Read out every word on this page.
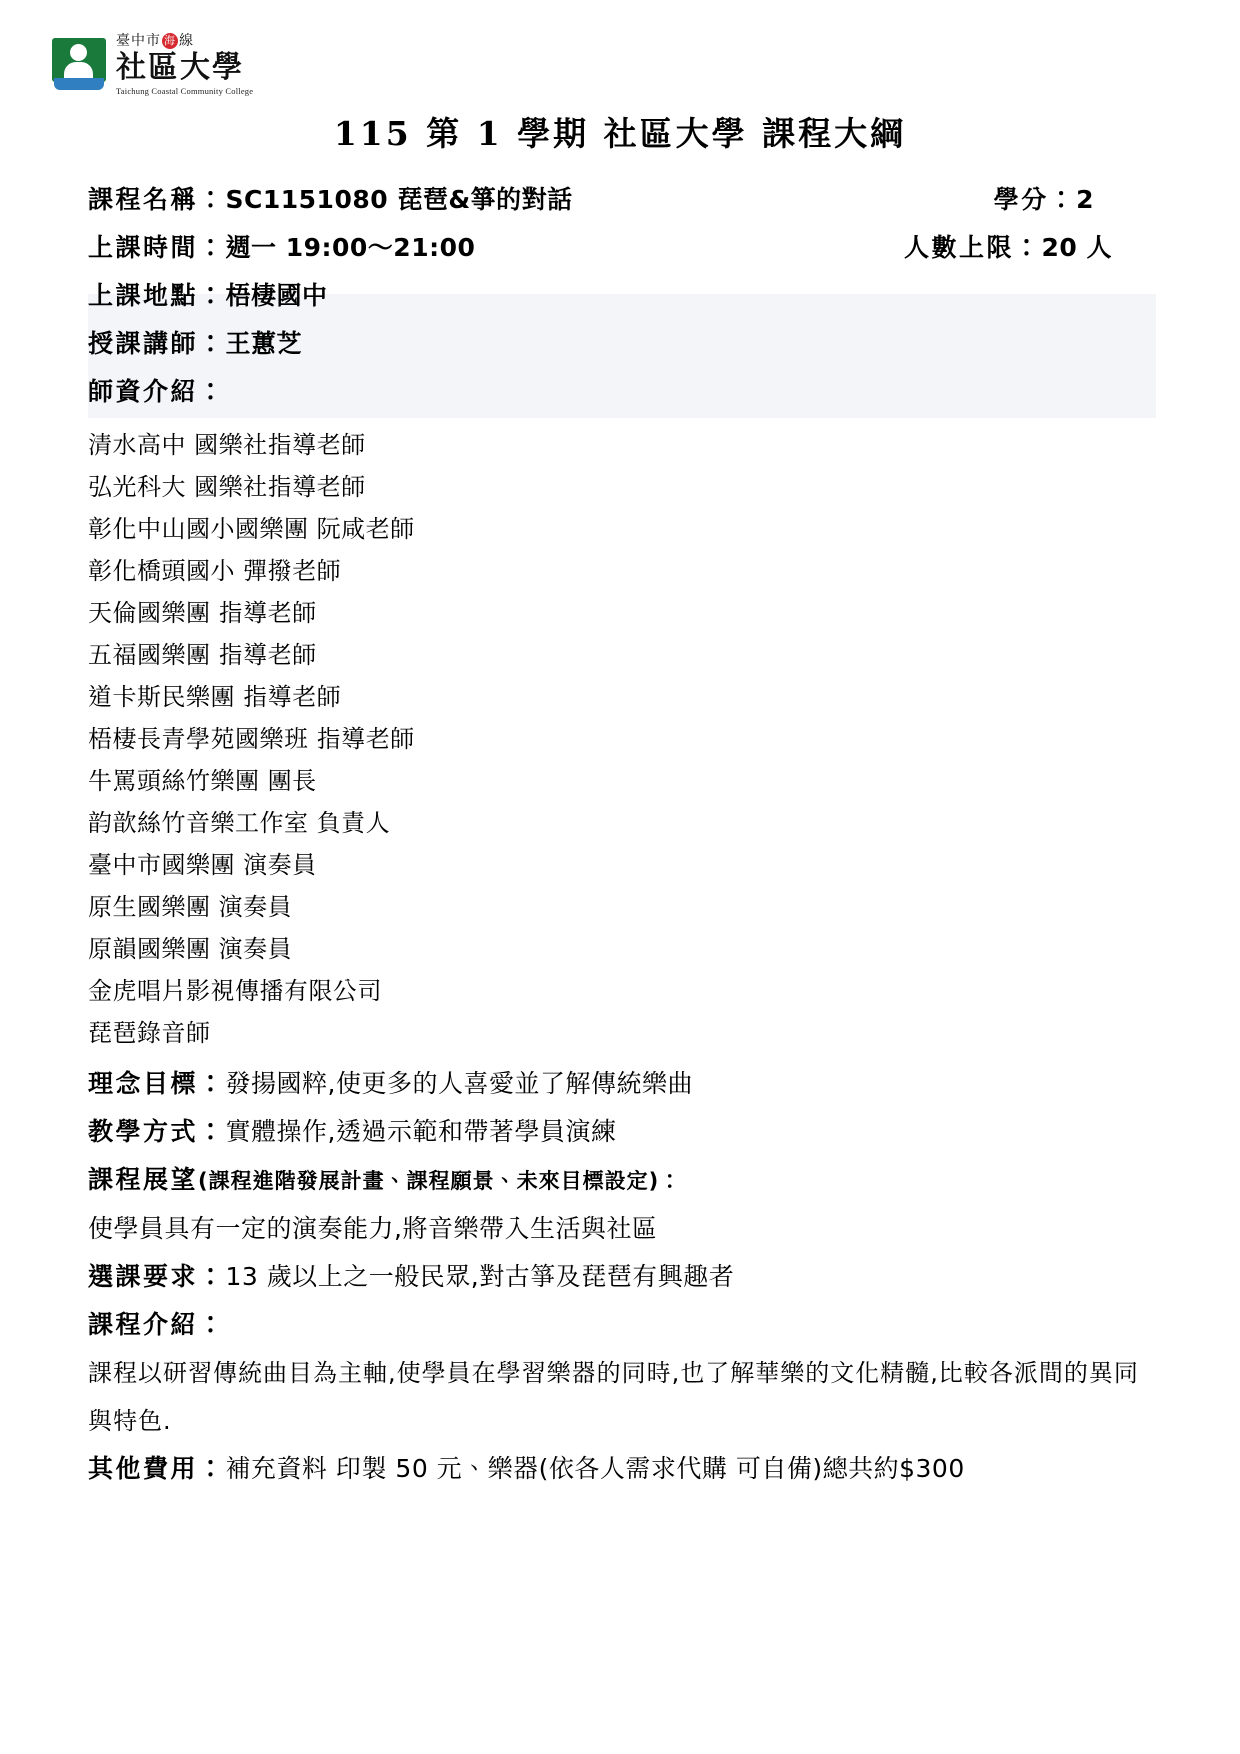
臺中市 海 線
社區大學
Taichung Coastal Community College
115 第 1 學期 社區大學 課程大綱
課程名稱： SC1151080 琵琶&箏的對話	學分：2
上課時間： 週一 19:00～21:00	人數上限：20 人
上課地點： 梧棲國中
授課講師： 王蕙芝
師資介紹：
清水高中 國樂社指導老師
弘光科大 國樂社指導老師
彰化中山國小國樂團 阮咸老師
彰化橋頭國小 彈撥老師
天倫國樂團 指導老師
五福國樂團 指導老師
道卡斯民樂團 指導老師
梧棲長青學苑國樂班 指導老師
牛罵頭絲竹樂團 團長
韵歆絲竹音樂工作室 負責人
臺中市國樂團 演奏員
原生國樂團 演奏員
原韻國樂團 演奏員
金虎唱片影視傳播有限公司
琵琶錄音師
理念目標： 發揚國粹,使更多的人喜愛並了解傳統樂曲
教學方式： 實體操作,透過示範和帶著學員演練
課程展望 (課程進階發展計畫、課程願景、未來目標設定)：
使學員具有一定的演奏能力,將音樂帶入生活與社區
選課要求： 13 歲以上之一般民眾,對古箏及琵琶有興趣者
課程介紹：
課程以研習傳統曲目為主軸,使學員在學習樂器的同時,也了解華樂的文化精髓,比較各派間的異同與特色.
其他費用： 補充資料 印製 50 元、樂器(依各人需求代購 可自備)總共約$300
